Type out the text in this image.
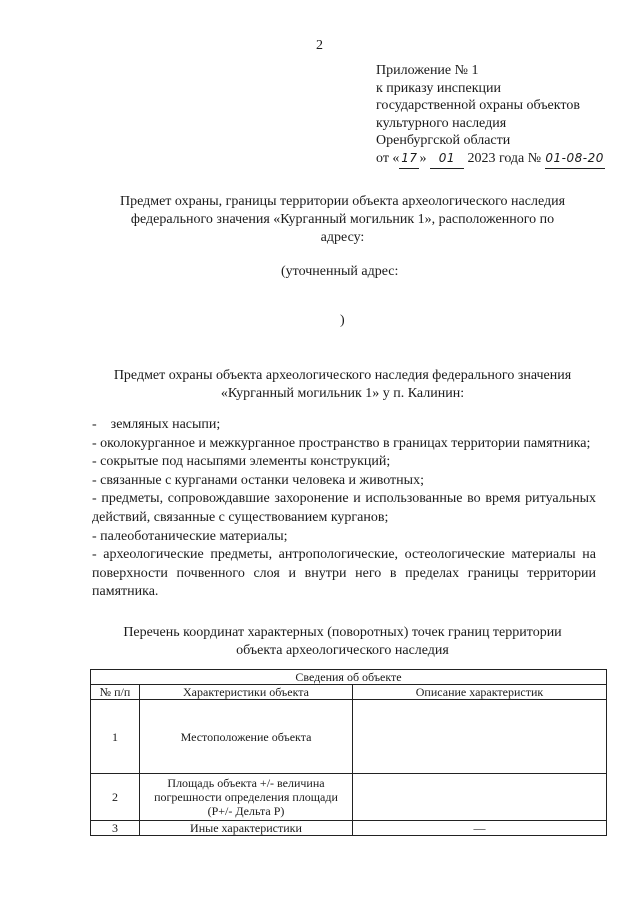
2
Приложение № 1
к приказу инспекции
государственной охраны объектов
культурного наследия
Оренбургской области
от « 17 » 01 2023 года № 01-08-20
Предмет охраны, границы территории объекта археологического наследия
федерального значения «Курганный могильник 1», расположенного по
адресу:
(уточненный адрес:
)
Предмет охраны объекта археологического наследия федерального значения
«Курганный могильник 1» у п. Калинин:

-    земляных насыпи;

- околокурганное и межкурганное пространство в границах территории памятника;

- сокрытые под насыпями элементы конструкций;

- связанные с курганами останки человека и животных;

- предметы, сопровождавшие захоронение и использованные во время ритуальных действий, связанные с существованием курганов;

- палеоботанические материалы;

- археологические предметы, антропологические, остеологические материалы на поверхности почвенного слоя и внутри него в пределах границы территории памятника.

Перечень координат характерных (поворотных) точек границ территории
объекта археологического наследия
Сведения об объекте		
№ п/п	Характеристики объекта	Описание характеристик
1	Местоположение объекта	
2	Площадь объекта +/- величина погрешности определения площади (Р+/- Дельта Р)	
3	Иные характеристики	—
